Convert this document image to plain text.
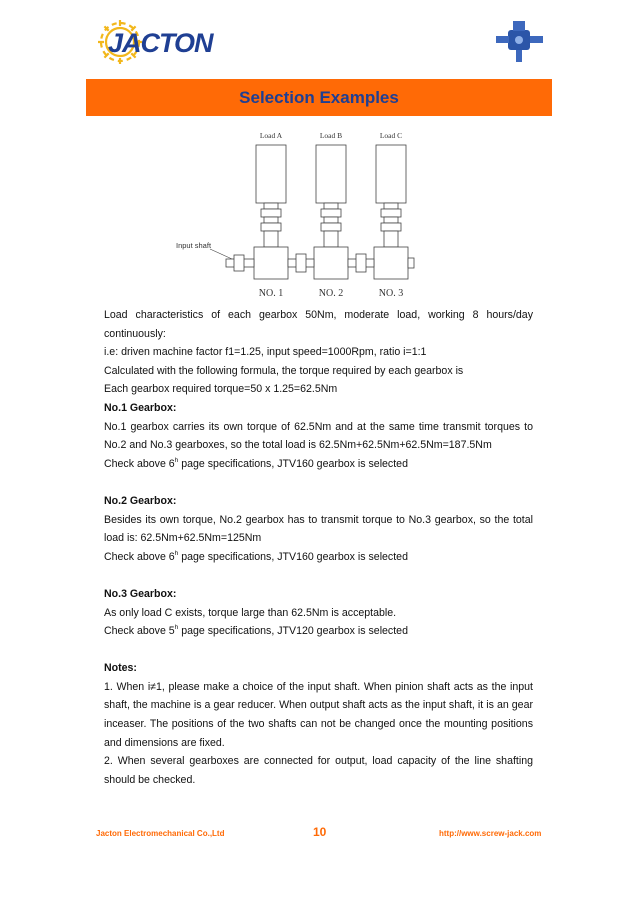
JACTON
Selection Examples
Load A	Load B	Load C
NO. 1	NO. 2	NO. 3
Input shaft

Load characteristics of each gearbox 50Nm, moderate load, working 8 hours/day continuously:

i.e: driven machine factor f1=1.25, input speed=1000Rpm, ratio i=1:1

Calculated with the following formula, the torque required by each gearbox is

Each gearbox required torque=50 x 1.25=62.5Nm

No.1 Gearbox:

No.1 gearbox carries its own torque of 62.5Nm and at the same time transmit torques to No.2 and No.3 gearboxes, so the total load is 62.5Nm+62.5Nm+62.5Nm=187.5Nm

Check above 6$^h$ page specifications, JTV160 gearbox is selected

No.2 Gearbox:

Besides its own torque, No.2 gearbox has to transmit torque to No.3 gearbox, so the total load is: 62.5Nm+62.5Nm=125Nm

Check above 6$^h$ page specifications, JTV160 gearbox is selected

No.3 Gearbox:

As only load C exists, torque large than 62.5Nm is acceptable.

Check above 5$^h$ page specifications, JTV120 gearbox is selected

Notes:

1. When i≠1, please make a choice of the input shaft. When pinion shaft acts as the input shaft, the machine is a gear reducer. When output shaft acts as the input shaft, it is an gear inceaser. The positions of the two shafts can not be changed once the mounting positions and dimensions are fixed.

2. When several gearboxes are connected for output, load capacity of the line shafting should be checked.

Jacton Electromechanical Co.,Ltd	10	http://www.screw-jack.com
